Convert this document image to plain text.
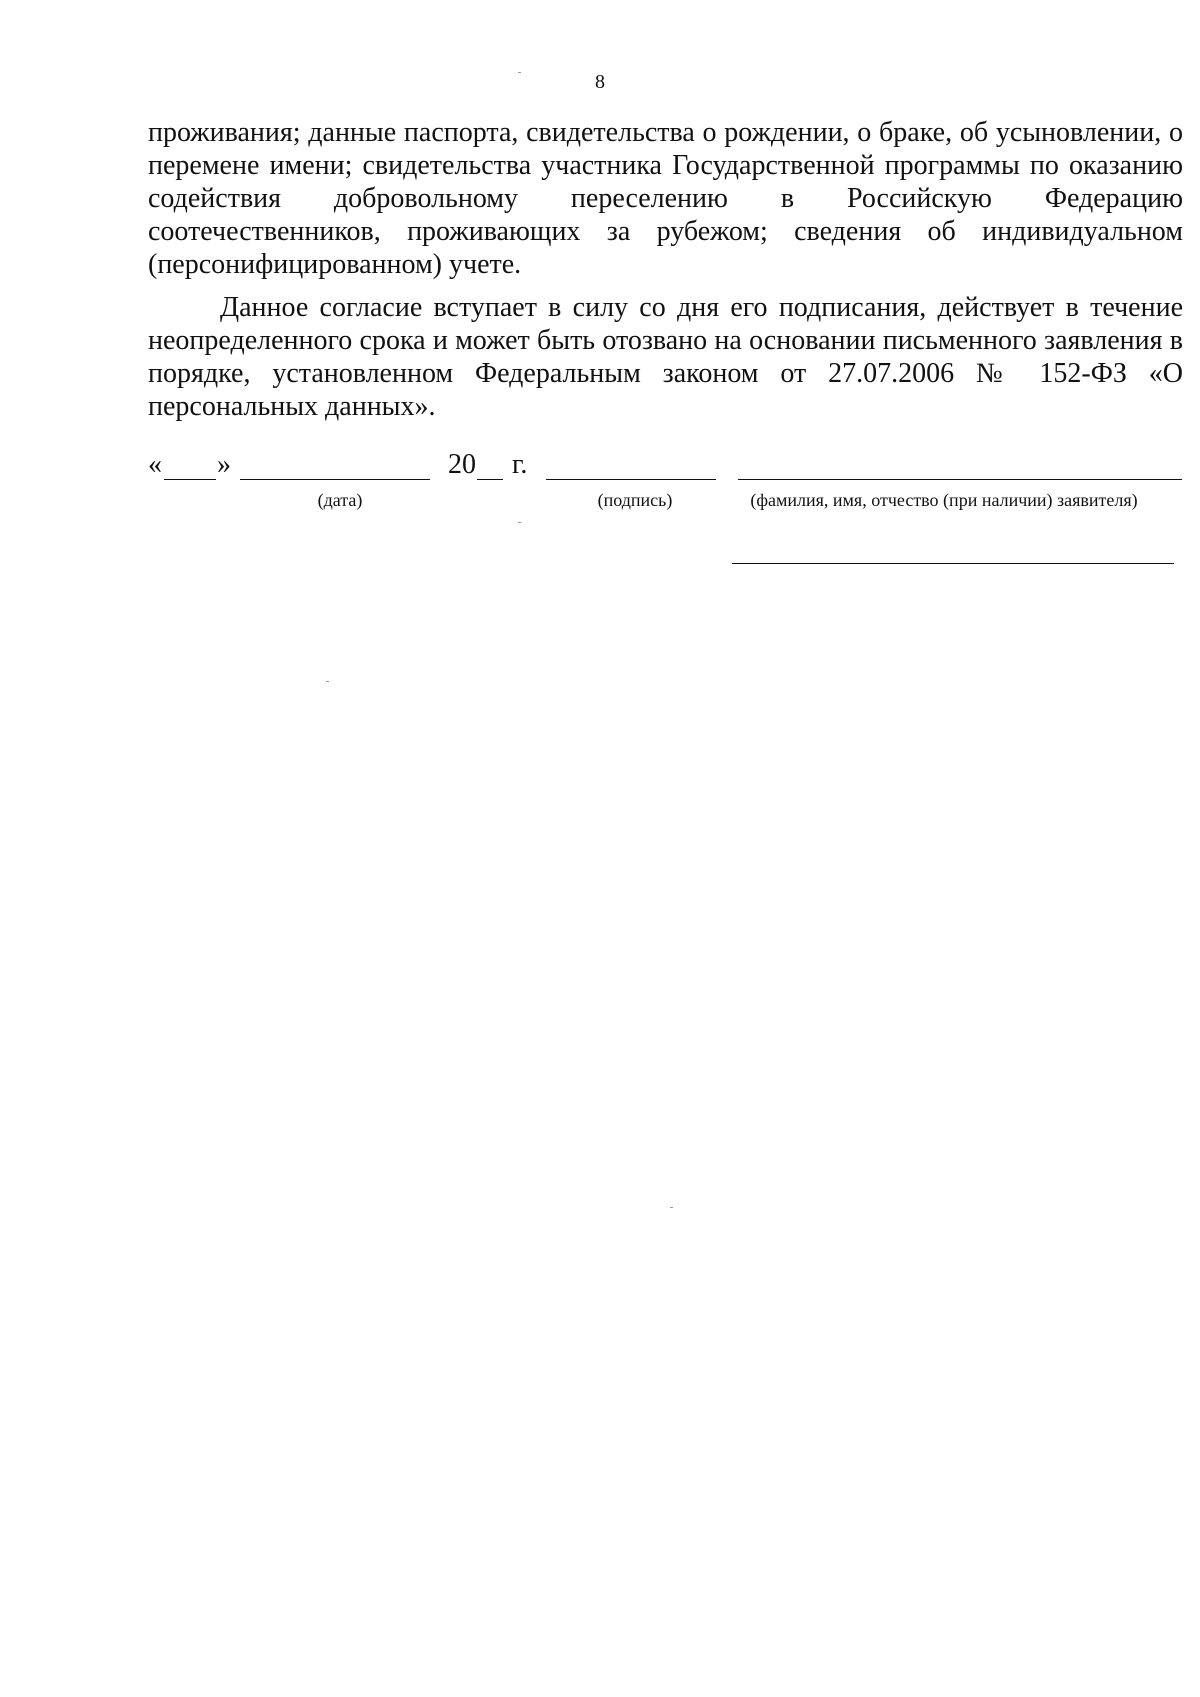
8

проживания; данные паспорта, свидетельства о рождении, о браке, об усыновлении, о перемене имени; свидетельства участника Государственной программы по оказанию содействия добровольному переселению в Российскую Федерацию соотечественников, проживающих за рубежом; сведения об индивидуальном (персонифицированном) учете.

Данное согласие вступает в силу со дня его подписания, действует в течение неопределенного срока и может быть отозвано на основании письменного заявления в порядке, установленном Федеральным законом от 27.07.2006 № 152-ФЗ «О персональных данных».

« »	20 г.
(дата)	(подпись)	(фамилия, имя, отчество (при наличии) заявителя)
